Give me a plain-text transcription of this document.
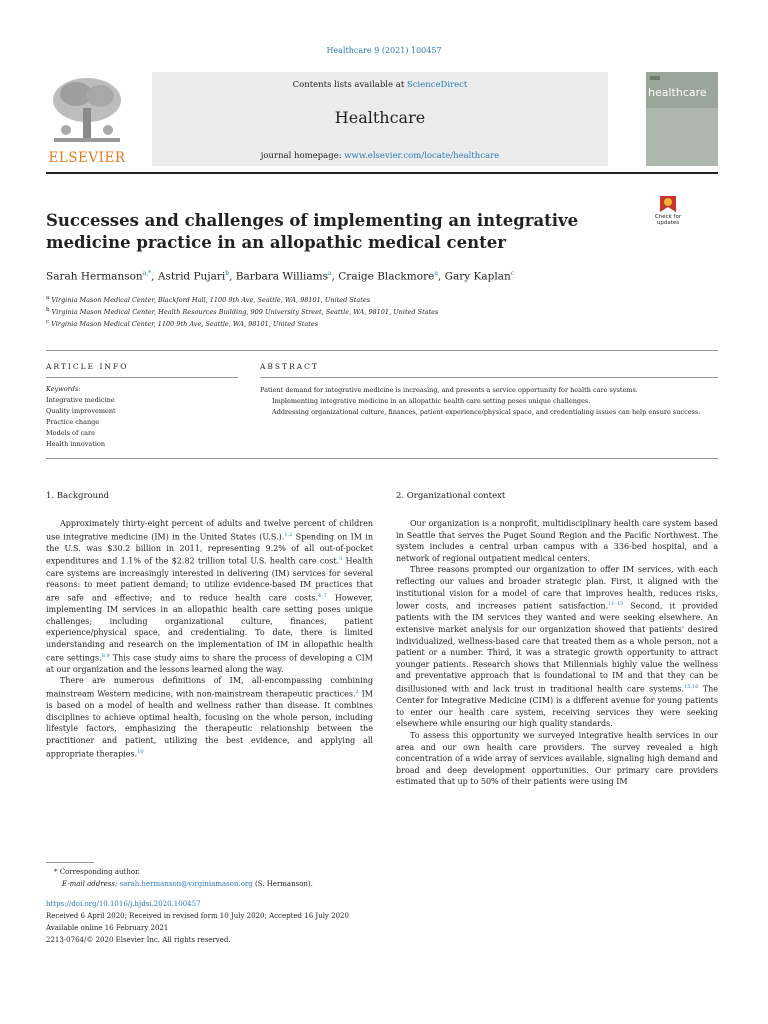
Healthcare 9 (2021) 100457
ELSEVIER
Contents lists available at ScienceDirect
Healthcare
journal homepage: www.elsevier.com/locate/healthcare
healthcare
Successes and challenges of implementing an integrative medicine practice in an allopathic medical center
Check for updates
Sarah Hermanson$^{a,*}$, Astrid Pujari$^b$, Barbara Williams$^a$, Craige Blackmore$^a$, Gary Kaplan$^c$
$^a$ Virginia Mason Medical Center, Blackford Hall, 1100 9th Ave, Seattle, WA, 98101, United States
$^b$ Virginia Mason Medical Center, Health Resources Building, 909 University Street, Seattle, WA, 98101, United States
$^c$ Virginia Mason Medical Center, 1100 9th Ave, Seattle, WA, 98101, United States
ARTICLE INFO	ABSTRACT
Keywords:
Integrative medicine
Quality improvement
Practice change
Models of care
Health innovation

Patient demand for integrative medicine is increasing, and presents a service opportunity for health care systems.

Implementing integrative medicine in an allopathic health care setting poses unique challenges.

Addressing organizational culture, finances, patient experience/physical space, and credentialing issues can help ensure success.

1. Background

Approximately thirty-eight percent of adults and twelve percent of children use integrative medicine (IM) in the United States (U.S.).$^{1,2}$ Spending on IM in the U.S. was $30.2 billion in 2011, representing 9.2% of all out-of-pocket expenditures and 1.1% of the $2.82 trillion total U.S. health care cost.$^3$ Health care systems are increasingly interested in delivering (IM) services for several reasons: to meet patient demand; to utilize evidence-based IM practices that are safe and effective; and to reduce health care costs.$^{4-7}$ However, implementing IM services in an allopathic health care setting poses unique challenges; including organizational culture, finances, patient experience/physical space, and credentialing. To date, there is limited understanding and research on the implementation of IM in allopathic health care settings.$^{8,9}$ This case study aims to share the process of developing a CIM at our organization and the lessons learned along the way.

There are numerous definitions of IM, all-encompassing combining mainstream Western medicine, with non-mainstream therapeutic practices.$^2$ IM is based on a model of health and wellness rather than disease. It combines disciplines to achieve optimal health, focusing on the whole person, including lifestyle factors, emphasizing the therapeutic relationship between the practitioner and patient, utilizing the best evidence, and applying all appropriate therapies.$^{10}$

2. Organizational context

Our organization is a nonprofit, multidisciplinary health care system based in Seattle that serves the Puget Sound Region and the Pacific Northwest. The system includes a central urban campus with a 336-bed hospital, and a network of regional outpatient medical centers.

Three reasons prompted our organization to offer IM services, with each reflecting our values and broader strategic plan. First, it aligned with the institutional vision for a model of care that improves health, reduces risks, lower costs, and increases patient satisfaction.$^{11-13}$ Second, it provided patients with the IM services they wanted and were seeking elsewhere. An extensive market analysis for our organization showed that patients' desired individualized, wellness-based care that treated them as a whole person, not a patient or a number. Third, it was a strategic growth opportunity to attract younger patients. Research shows that Millennials highly value the wellness and preventative approach that is foundational to IM and that they can be disillusioned with and lack trust in traditional health care systems.$^{15,16}$ The Center for Integrative Medicine (CIM) is a different avenue for young patients to enter our health care system, receiving services they were seeking elsewhere while ensuring our high quality standards.

To assess this opportunity we surveyed integrative health services in our area and our own health care providers. The survey revealed a high concentration of a wide array of services available, signaling high demand and broad and deep development opportunities. Our primary care providers estimated that up to 50% of their patients were using IM

* Corresponding author.
E-mail address: sarah.hermanson@virginiamason.org (S. Hermanson).
https://doi.org/10.1016/j.hjdsi.2020.100457
Received 6 April 2020; Received in revised form 10 July 2020; Accepted 16 July 2020
Available online 16 February 2021
2213-0764/© 2020 Elsevier Inc. All rights reserved.
